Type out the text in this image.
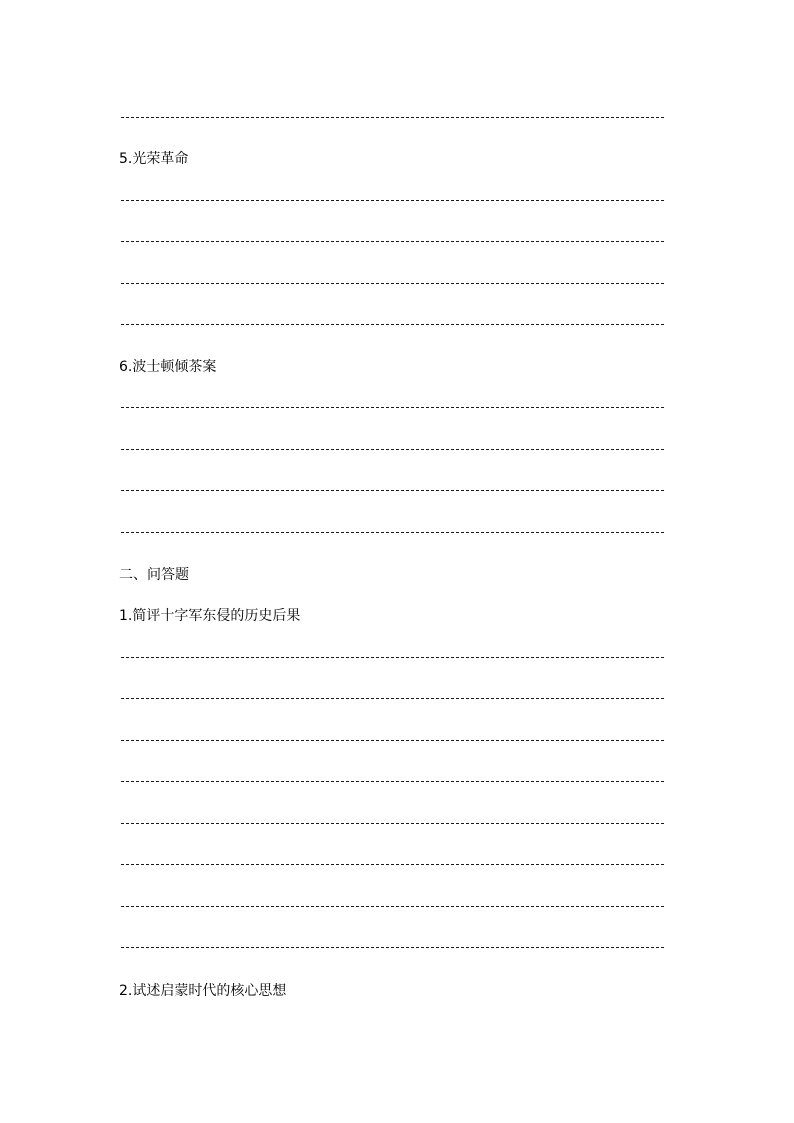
5.光荣革命
6.波士顿倾茶案
二、问答题
1.简评十字军东侵的历史后果
2.试述启蒙时代的核心思想
